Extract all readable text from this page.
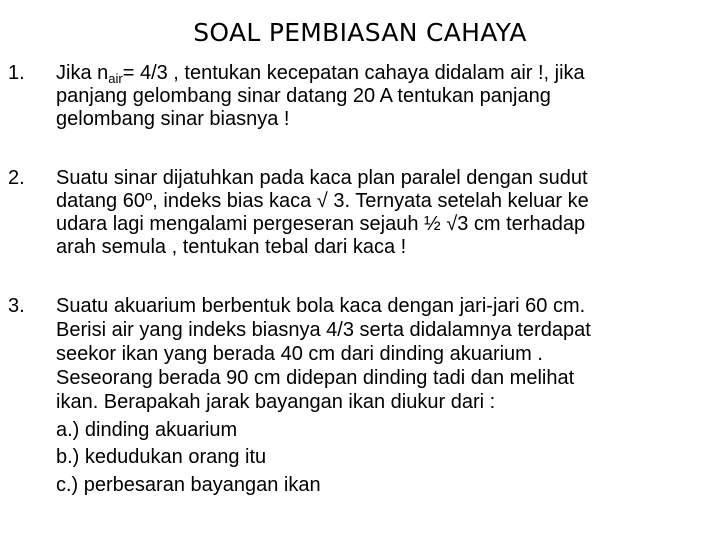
SOAL PEMBIASAN CAHAYA
1. Jika $n_{air}= 4/3$ , tentukan kecepatan cahaya didalam air !, jika
panjang gelombang sinar datang 20 A tentukan panjang
gelombang sinar biasnya !
2. Suatu sinar dijatuhkan pada kaca plan paralel dengan sudut
datang 60º, indeks bias kaca √ 3. Ternyata setelah keluar ke
udara lagi mengalami pergeseran sejauh ½ √3 cm terhadap
arah semula , tentukan tebal dari kaca !
3. Suatu akuarium berbentuk bola kaca dengan jari-jari 60 cm.
Berisi air yang indeks biasnya 4/3 serta didalamnya terdapat
seekor ikan yang berada 40 cm dari dinding akuarium .
Seseorang berada 90 cm didepan dinding tadi dan melihat
ikan. Berapakah jarak bayangan ikan diukur dari :
a.) dinding akuarium
b.) kedudukan orang itu
c.) perbesaran bayangan ikan
